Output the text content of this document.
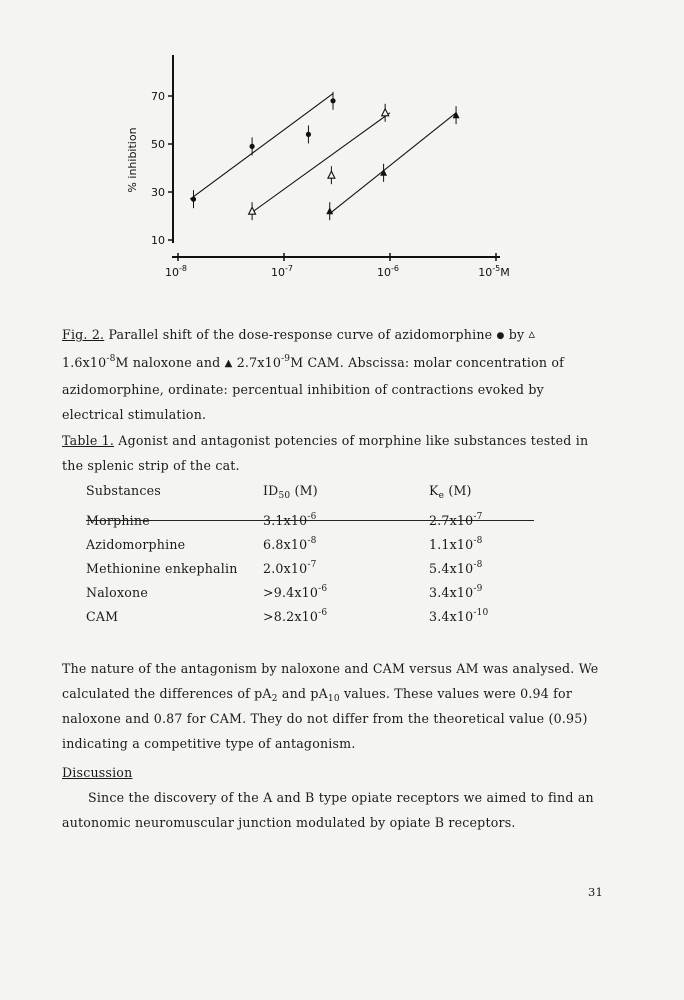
% inhibition
10
30
50
70
$10^{-8}$	$10^{-7}$	$10^{-6}$	$10^{-5}M$
Fig. 2. Parallel shift of the dose-response curve of azidomorphine ● by ▵
$1.6x10^{-8}M$ naloxone and ▲ $2.7x10^{-9}M$ CAM. Abscissa: molar concentration of azidomorphine, ordinate: percentual inhibition of contractions evoked by electrical stimulation.
Table 1. Agonist and antagonist potencies of morphine like substances tested in the splenic strip of the cat.
Substances	$ID_{50}$ (M)	$K_e$ (M)
Morphine	$3.1x10^{-6}$	$2.7x10^{-7}$
Azidomorphine	$6.8x10^{-8}$	$1.1x10^{-8}$
Methionine enkephalin	$2.0x10^{-7}$	$5.4x10^{-8}$
Naloxone	$>9.4x10^{-6}$	$3.4x10^{-9}$
CAM	$>8.2x10^{-6}$	$3.4x10^{-10}$
The nature of the antagonism by naloxone and CAM versus AM was analysed. We calculated the differences of $pA_2$ and $pA_{10}$ values. These values were 0.94 for naloxone and 0.87 for CAM. They do not differ from the theoretical value (0.95) indicating a competitive type of antagonism.
Discussion
Since the discovery of the A and B type opiate receptors we aimed to find an autonomic neuromuscular junction modulated by opiate B receptors.
31
